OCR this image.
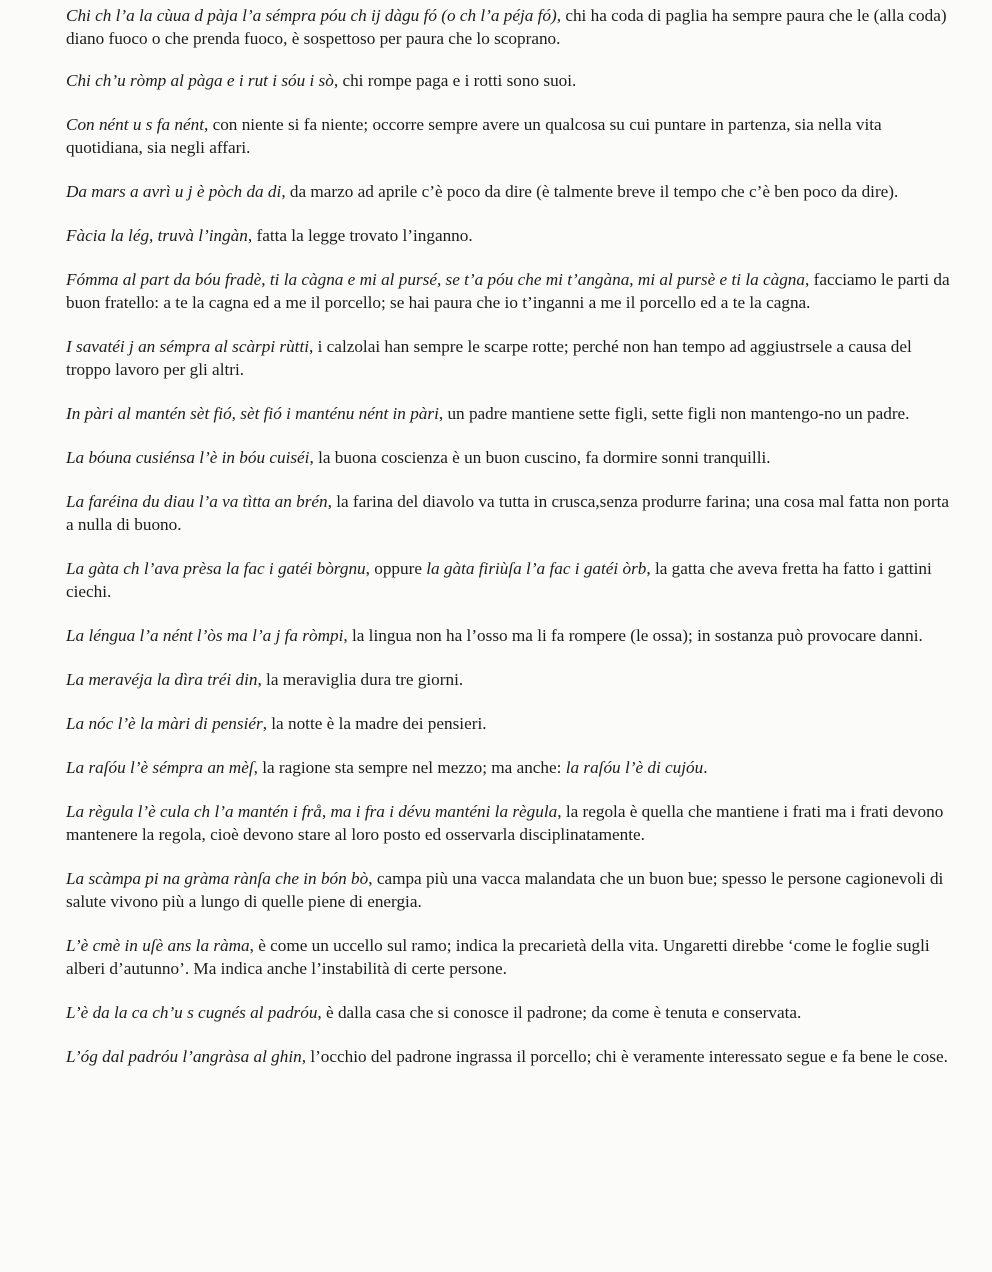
Chi ch l’a la cùua d pàja l’a sémpra póu ch ij dàgu fó (o ch l’a péja fó), chi ha coda di paglia ha sempre paura che le (alla coda) diano fuoco o che prenda fuoco, è sospettoso per paura che lo scoprano.

Chi ch’u ròmp al pàga e i rut i sóu i sò, chi rompe paga e i rotti sono suoi.

Con nént u s fa nént, con niente si fa niente; occorre sempre avere un qualcosa su cui puntare in partenza, sia nella vita quotidiana, sia negli affari.

Da mars a avrì u j è pòch da di, da marzo ad aprile c’è poco da dire (è talmente breve il tempo che c’è ben poco da dire).

Fàcia la lég, truvà l’ingàn, fatta la legge trovato l’inganno.

Fómma al part da bóu fradè, ti la càgna e mi al pursé, se t’a póu che mi t’angàna, mi al pursè e ti la càgna, facciamo le parti da buon fratello: a te la cagna ed a me il porcello; se hai paura che io t’inganni a me il porcello ed a te la cagna.

I savatéi j an sémpra al scàrpi rùtti, i calzolai han sempre le scarpe rotte; perché non han tempo ad aggiustrsele a causa del troppo lavoro per gli altri.

In pàri al mantén sèt fió, sèt fió i manténu nént in pàri, un padre mantiene sette figli, sette figli non mantengo-no un padre.

La bóuna cusiénsa l’è in bóu cuiséi, la buona coscienza è un buon cuscino, fa dormire sonni tranquilli.

La faréina du diau l’a va tìtta an brén, la farina del diavolo va tutta in crusca,senza produrre farina; una cosa mal fatta non porta a nulla di buono.

La gàta ch l’ava prèsa la fac i gatéi bòrgnu, oppure la gàta firiùſa l’a fac i gatéi òrb, la gatta che aveva fretta ha fatto i gattini ciechi.

La léngua l’a nént l’òs ma l’a j fa ròmpi, la lingua non ha l’osso ma li fa rompere (le ossa); in sostanza può provocare danni.

La meravéja la dìra tréi din, la meraviglia dura tre giorni.

La nóc l’è la màri di pensiér, la notte è la madre dei pensieri.

La raſóu l’è sémpra an mèſ, la ragione sta sempre nel mezzo; ma anche: la raſóu l’è di cujóu.

La règula l’è cula ch l’a mantén i frå, ma i fra i dévu manténi la règula, la regola è quella che mantiene i frati ma i frati devono mantenere la regola, cioè devono stare al loro posto ed osservarla disciplinatamente.

La scàmpa pi na gràma rànſa che in bón bò, campa più una vacca malandata che un buon bue; spesso le persone cagionevoli di salute vivono più a lungo di quelle piene di energia.

L’è cmè in uſè ans la ràma, è come un uccello sul ramo; indica la precarietà della vita. Ungaretti direbbe ‘come le foglie sugli alberi d’autunno’. Ma indica anche l’instabilità di certe persone.

L’è da la ca ch’u s cugnés al padróu, è dalla casa che si conosce il padrone; da come è tenuta e conservata.

L’óg dal padróu l’angràsa al ghin, l’occhio del padrone ingrassa il porcello; chi è veramente interessato segue e fa bene le cose.
